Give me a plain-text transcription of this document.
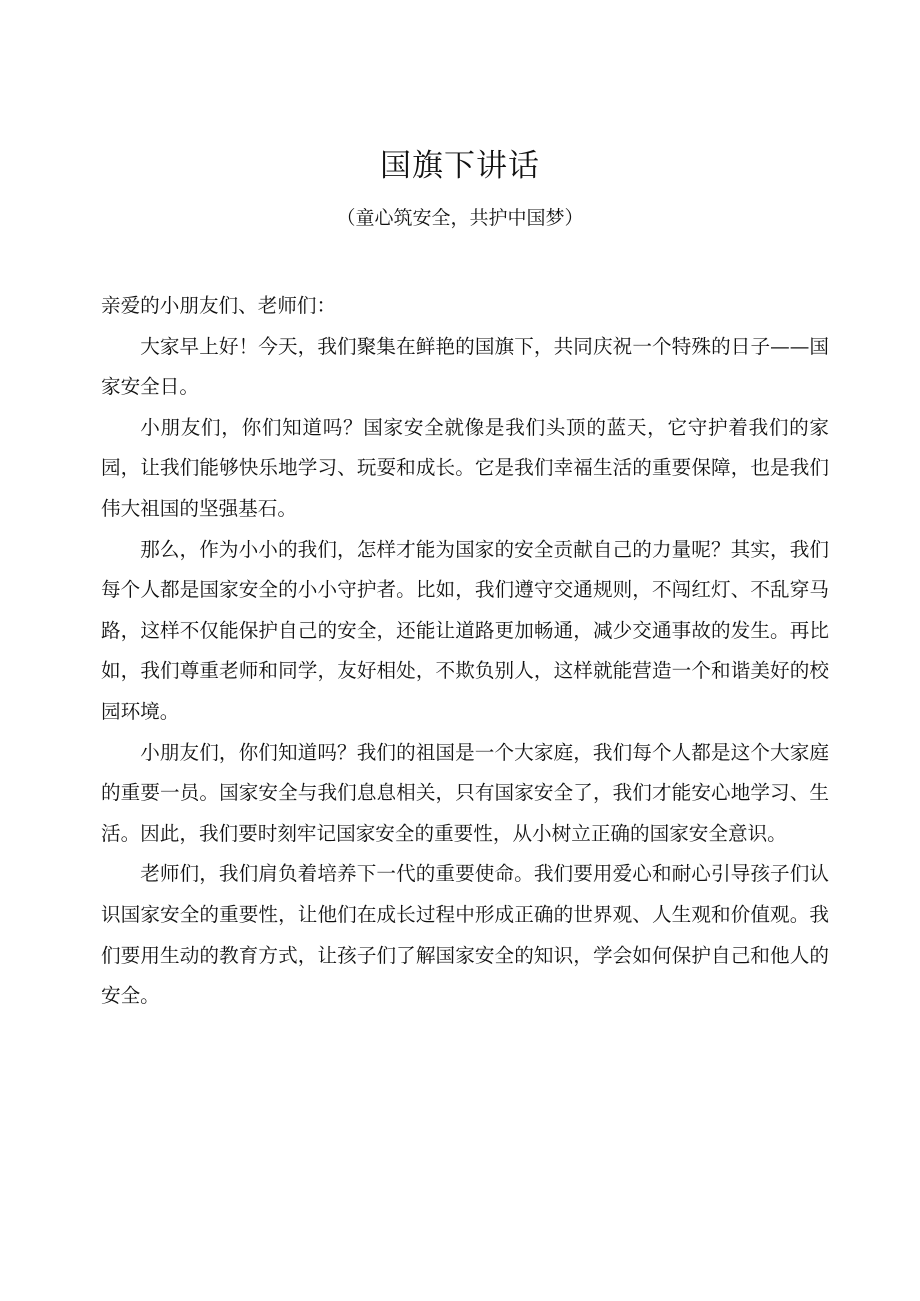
国旗下讲话
（童心筑安全，共护中国梦）

亲爱的小朋友们、老师们：

大家早上好！今天，我们聚集在鲜艳的国旗下，共同庆祝一个特殊的日子——国家安全日。

小朋友们，你们知道吗？国家安全就像是我们头顶的蓝天，它守护着我们的家园，让我们能够快乐地学习、玩耍和成长。它是我们幸福生活的重要保障，也是我们伟大祖国的坚强基石。

那么，作为小小的我们，怎样才能为国家的安全贡献自己的力量呢？其实，我们每个人都是国家安全的小小守护者。比如，我们遵守交通规则，不闯红灯、不乱穿马路，这样不仅能保护自己的安全，还能让道路更加畅通，减少交通事故的发生。再比如，我们尊重老师和同学，友好相处，不欺负别人，这样就能营造一个和谐美好的校园环境。

小朋友们，你们知道吗？我们的祖国是一个大家庭，我们每个人都是这个大家庭的重要一员。国家安全与我们息息相关，只有国家安全了，我们才能安心地学习、生活。因此，我们要时刻牢记国家安全的重要性，从小树立正确的国家安全意识。

老师们，我们肩负着培养下一代的重要使命。我们要用爱心和耐心引导孩子们认识国家安全的重要性，让他们在成长过程中形成正确的世界观、人生观和价值观。我们要用生动的教育方式，让孩子们了解国家安全的知识，学会如何保护自己和他人的安全。
